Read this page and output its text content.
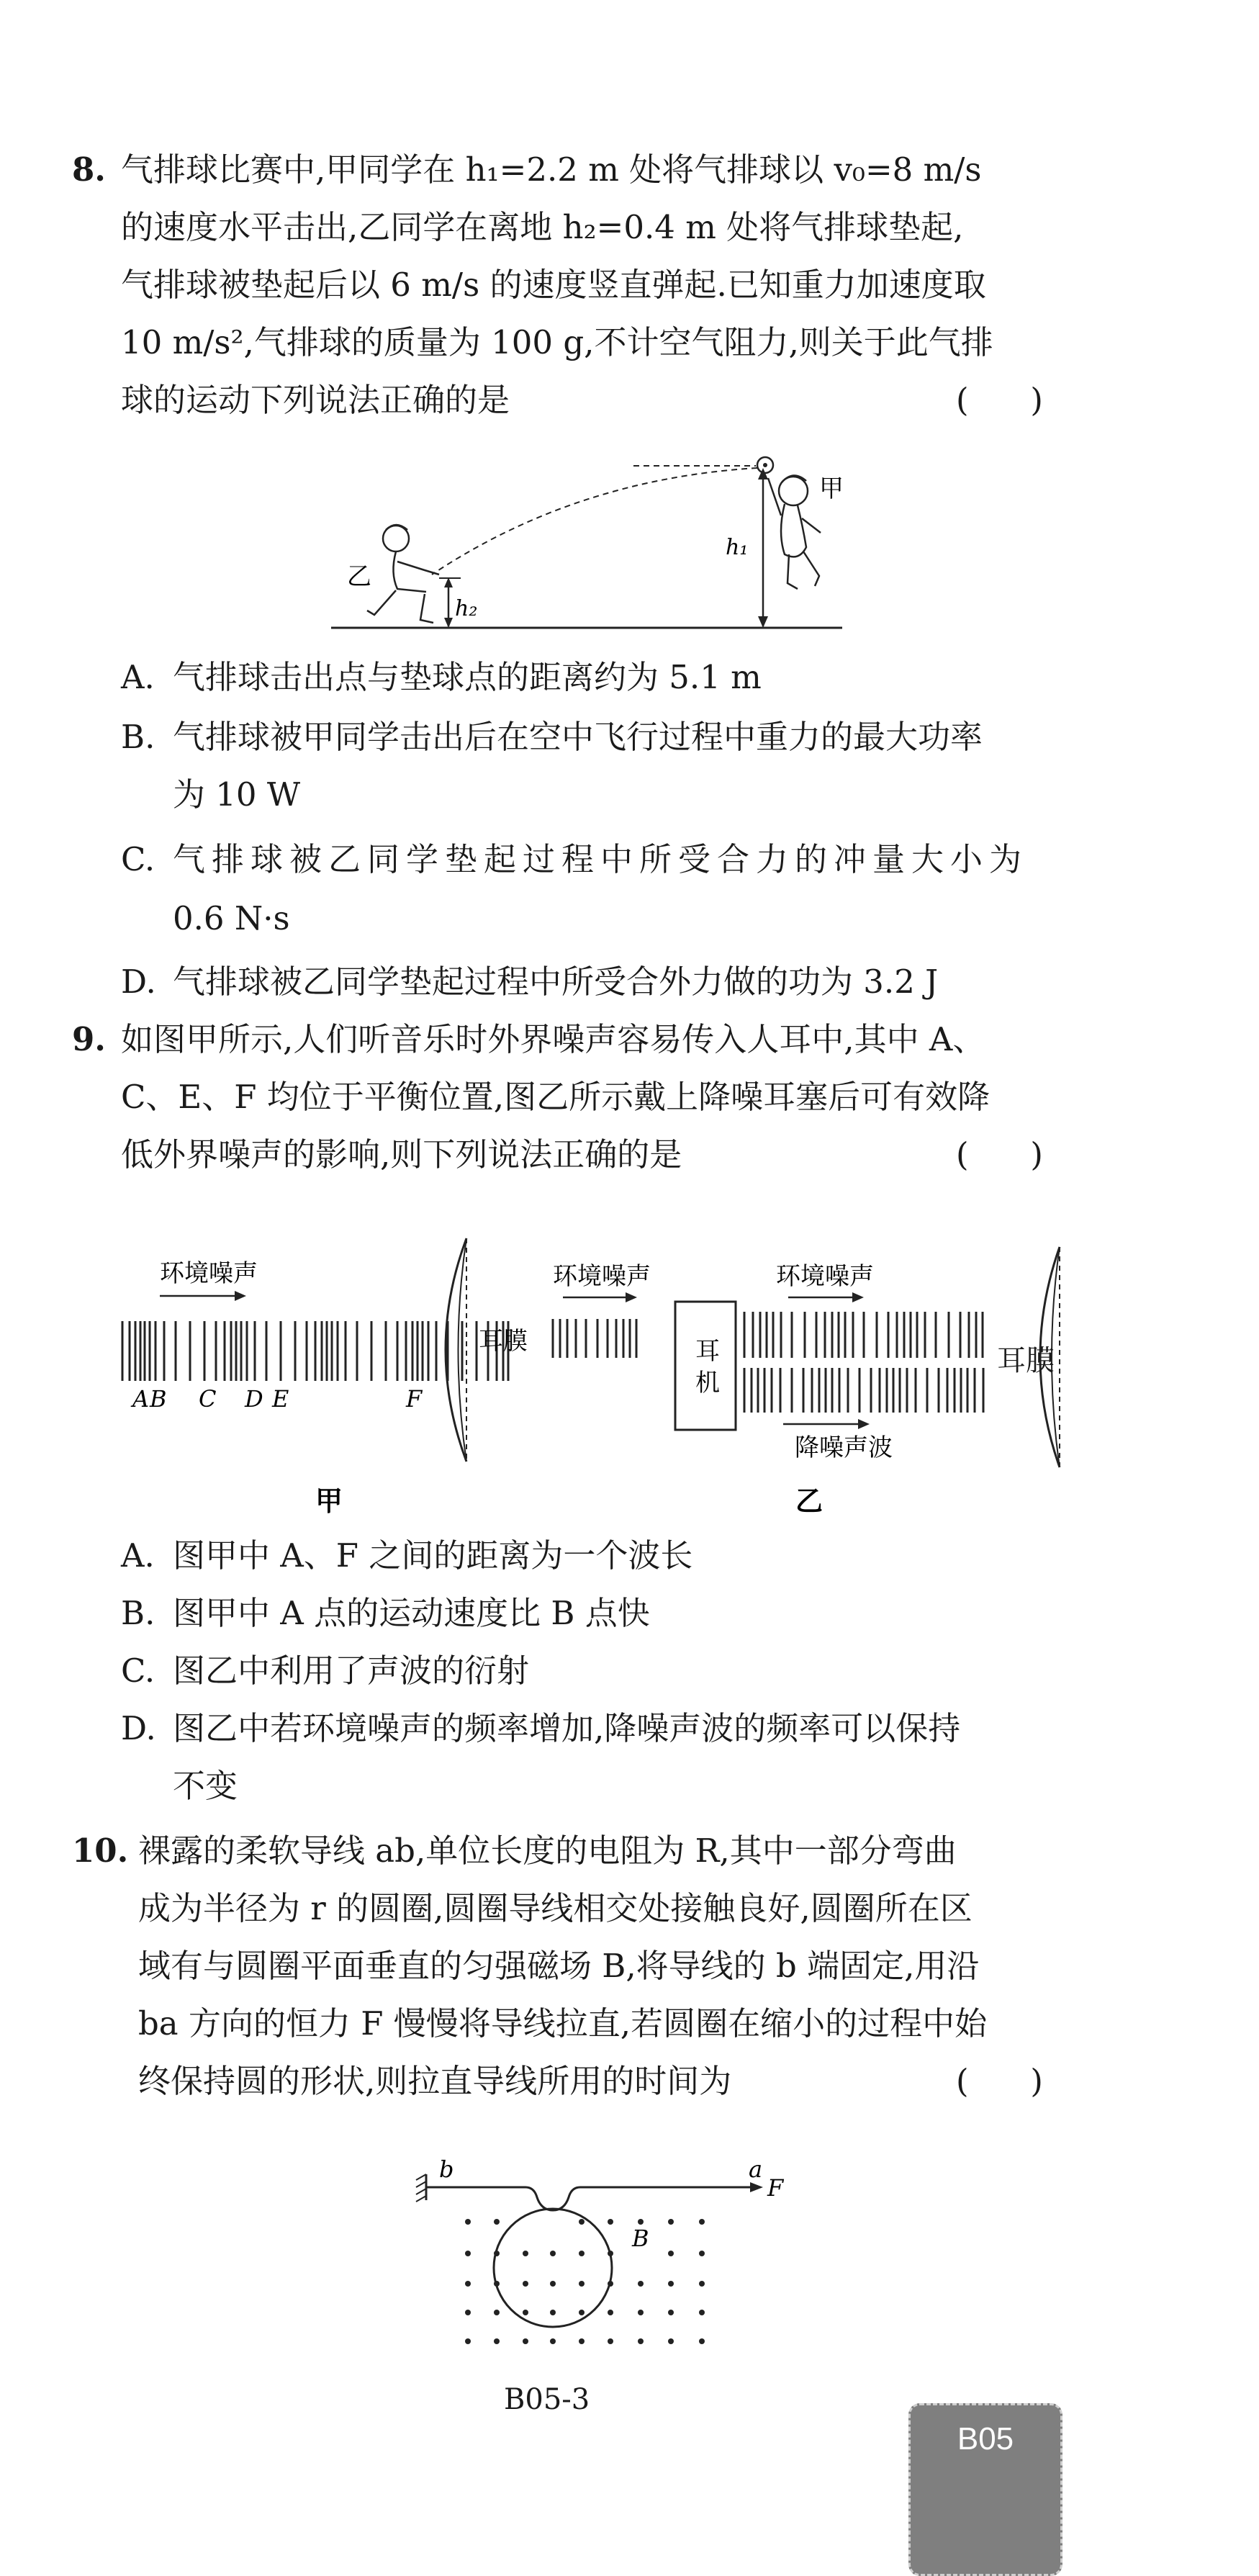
8. 气排球比赛中,甲同学在 h₁=2.2 m 处将气排球以 v₀=8 m/s
的速度水平击出,乙同学在离地 h₂=0.4 m 处将气排球垫起,
气排球被垫起后以 6 m/s 的速度竖直弹起.已知重力加速度取
10 m/s²,气排球的质量为 100 g,不计空气阻力,则关于此气排
球的运动下列说法正确的是	(      )
h₁
h₂
乙
甲
A. 气排球击出点与垫球点的距离约为 5.1 m
B. 气排球被甲同学击出后在空中飞行过程中重力的最大功率
为 10 W
C. 气排球被乙同学垫起过程中所受合力的冲量大小为
0.6 N·s
D. 气排球被乙同学垫起过程中所受合外力做的功为 3.2 J
9. 如图甲所示,人们听音乐时外界噪声容易传入人耳中,其中 A、
C、E、F 均位于平衡位置,图乙所示戴上降噪耳塞后可有效降
低外界噪声的影响,则下列说法正确的是	(      )
环境噪声
A B C D E	F
耳膜
甲
环境噪声
耳
机
环境噪声
降噪声波
乙
耳膜
A. 图甲中 A、F 之间的距离为一个波长
B. 图甲中 A 点的运动速度比 B 点快
C. 图乙中利用了声波的衍射
D. 图乙中若环境噪声的频率增加,降噪声波的频率可以保持
不变
10. 裸露的柔软导线 ab,单位长度的电阻为 R,其中一部分弯曲
成为半径为 r 的圆圈,圆圈导线相交处接触良好,圆圈所在区
域有与圆圈平面垂直的匀强磁场 B,将导线的 b 端固定,用沿
ba 方向的恒力 F 慢慢将导线拉直,若圆圈在缩小的过程中始
终保持圆的形状,则拉直导线所用的时间为	(      )
b	a
F
B
B05-3
B05
